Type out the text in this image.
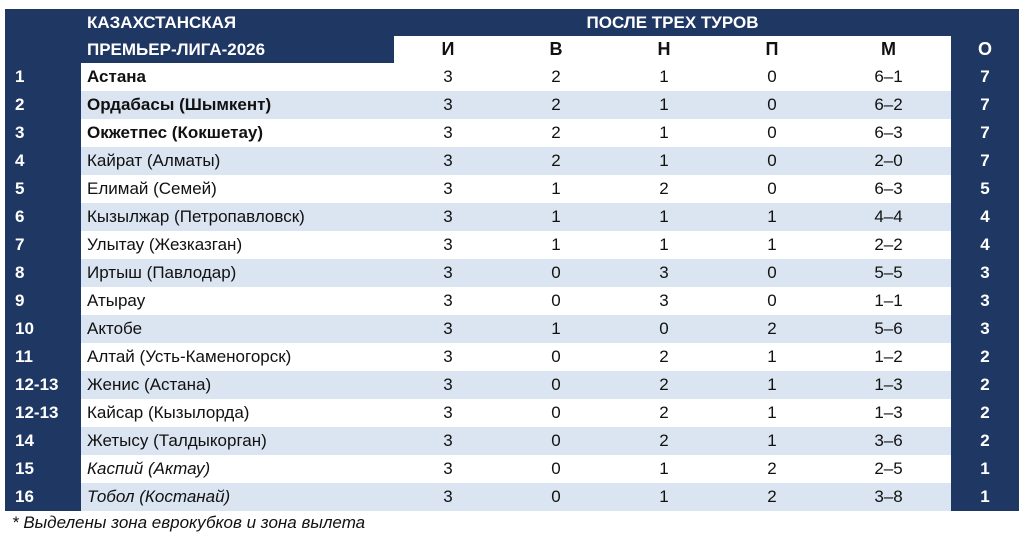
	КАЗАХСТАНСКАЯ	ПОСЛЕ ТРЕХ ТУРОВ					
	ПРЕМЬЕР-ЛИГА-2026	И	В	Н	П	М	О
1	Астана	3	2	1	0	6–1	7
2	Ордабасы (Шымкент)	3	2	1	0	6–2	7
3	Окжетпес (Кокшетау)	3	2	1	0	6–3	7
4	Кайрат (Алматы)	3	2	1	0	2–0	7
5	Елимай (Семей)	3	1	2	0	6–3	5
6	Кызылжар (Петропавловск)	3	1	1	1	4–4	4
7	Улытау (Жезказган)	3	1	1	1	2–2	4
8	Иртыш (Павлодар)	3	0	3	0	5–5	3
9	Атырау	3	0	3	0	1–1	3
10	Актобе	3	1	0	2	5–6	3
11	Алтай (Усть-Каменогорск)	3	0	2	1	1–2	2
12-13	Женис (Астана)	3	0	2	1	1–3	2
12-13	Кайсар (Кызылорда)	3	0	2	1	1–3	2
14	Жетысу (Талдыкорган)	3	0	2	1	3–6	2
15	Каспий (Актау)	3	0	1	2	2–5	1
16	Тобол (Костанай)	3	0	1	2	3–8	1
* Выделены зона еврокубков и зона вылета
